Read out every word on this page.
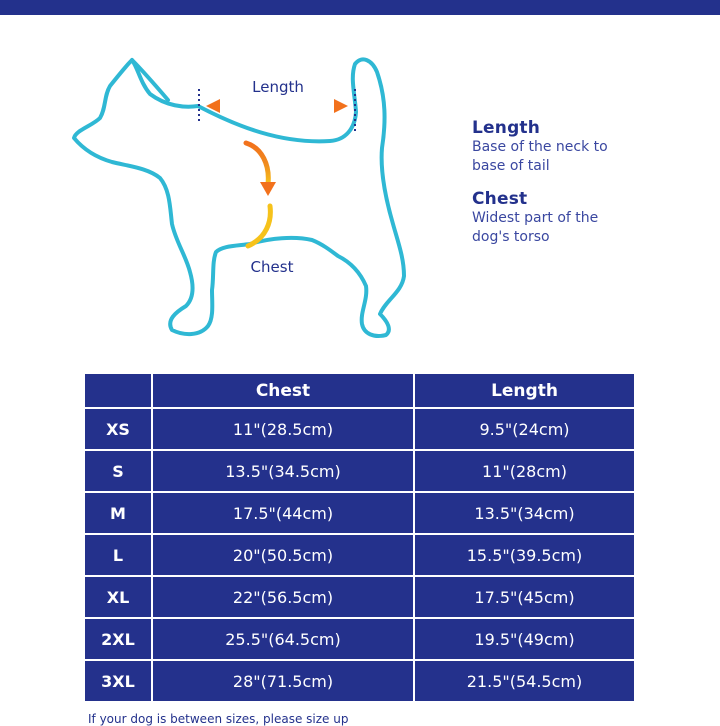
Length
Chest
Length
Base of the neck to base of tail
Chest
Widest part of the dog's torso
	Chest	Length
XS	11"(28.5cm)	9.5"(24cm)
S	13.5"(34.5cm)	11"(28cm)
M	17.5"(44cm)	13.5"(34cm)
L	20"(50.5cm)	15.5"(39.5cm)
XL	22"(56.5cm)	17.5"(45cm)
2XL	25.5"(64.5cm)	19.5"(49cm)
3XL	28"(71.5cm)	21.5"(54.5cm)
If your dog is between sizes, please size up
